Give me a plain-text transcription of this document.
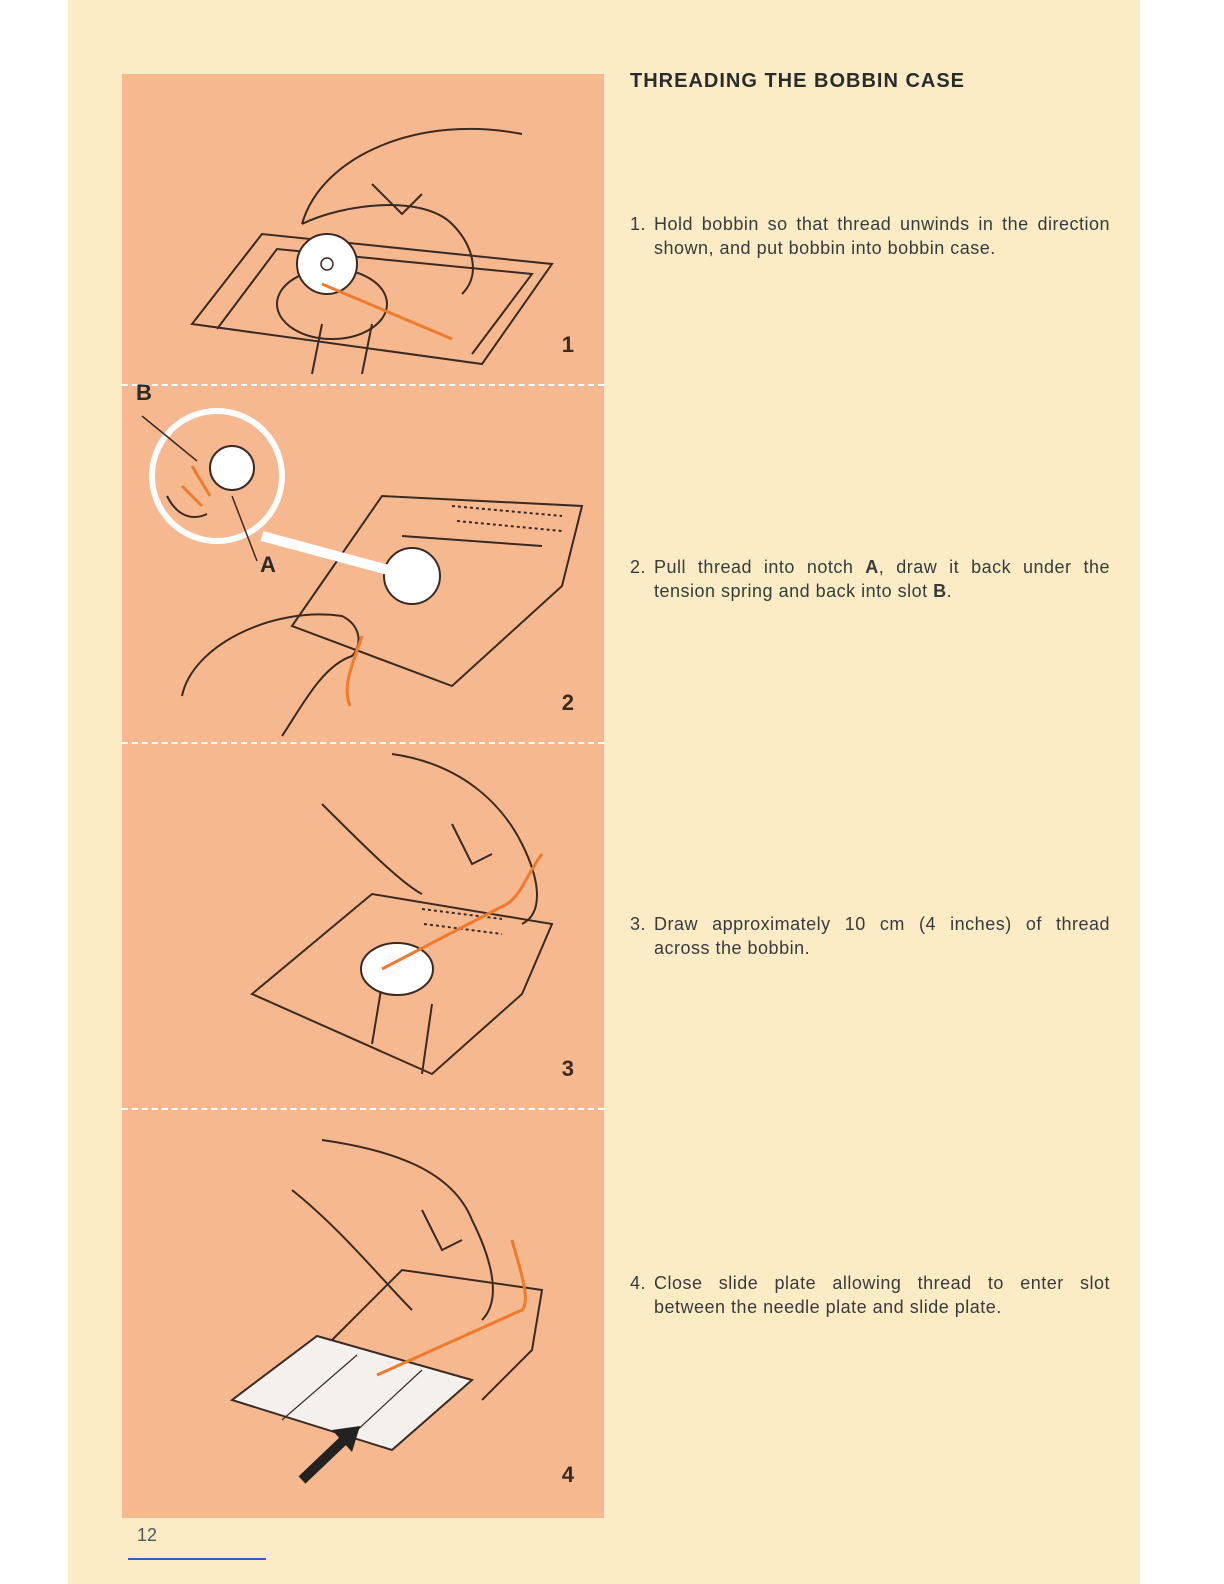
1
B
A
2
3
4
THREADING THE BOBBIN CASE
1. Hold bobbin so that thread unwinds in the direction shown, and put bobbin into bobbin case.
2. Pull thread into notch A, draw it back under the tension spring and back into slot B.
3. Draw approximately 10 cm (4 inches) of thread across the bobbin.
4. Close slide plate allowing thread to enter slot between the needle plate and slide plate.
12
